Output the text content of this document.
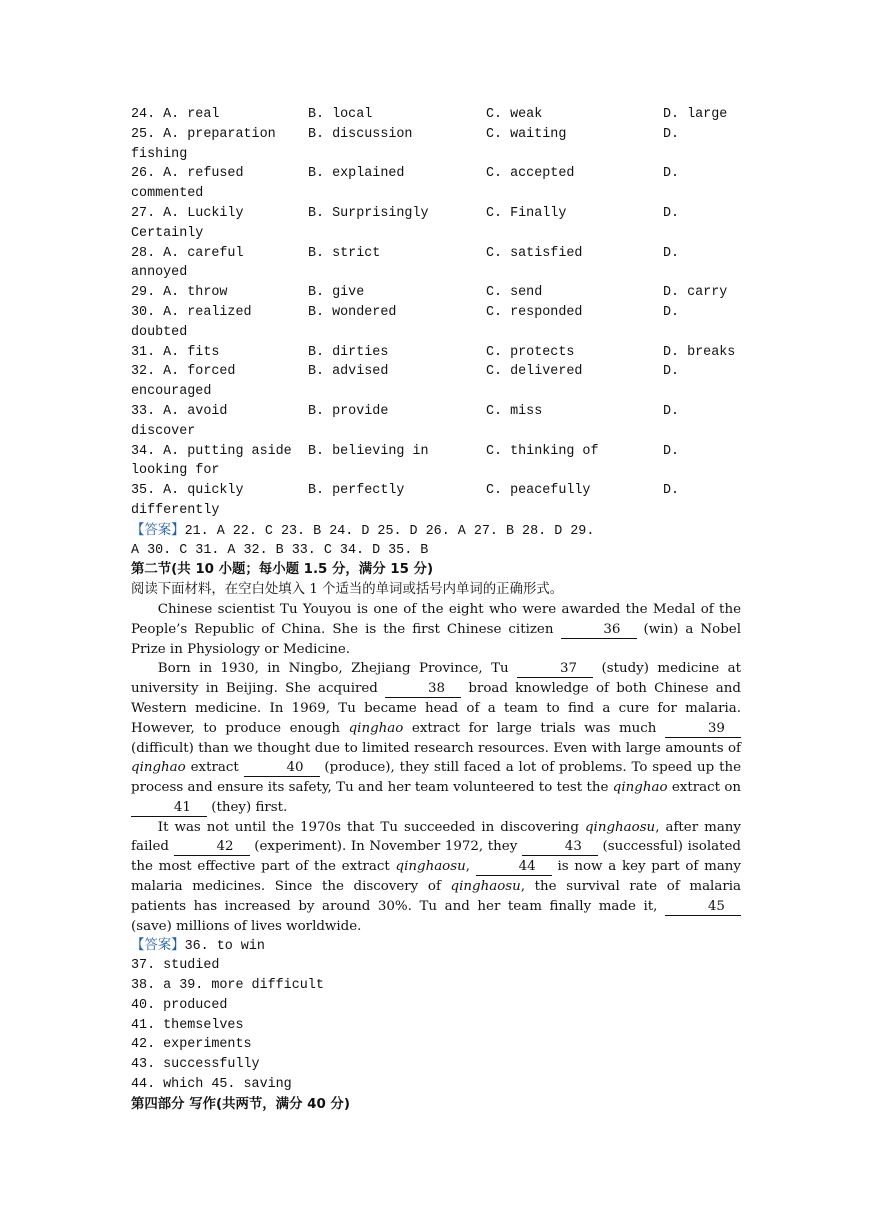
24. A. real	B. local	C. weak	D. large
25. A. preparation B. discussion	C. waiting	D.
fishing
26. A. refused	B. explained	C. accepted	D.
commented
27. A. Luckily	B. Surprisingly	C. Finally	D.
Certainly
28. A. careful	B. strict	C. satisfied	D.
annoyed
29. A. throw	B. give	C. send	D. carry
30. A. realized	B. wondered	C. responded	D.
doubted
31. A. fits	B. dirties	C. protects	D. breaks
32. A. forced	B. advised	C. delivered	D.
encouraged
33. A. avoid	B. provide	C. miss	D.
discover
34. A. putting aside B. believing in	C. thinking of	D.
looking for
35. A. quickly	B. perfectly	C. peacefully	D.
differently
【答案】21. A 22. C 23. B 24. D 25. D 26. A 27. B 28. D 29.
A 30. C 31. A 32. B 33. C 34. D 35. B
第二节(共 10 小题；每小题 1.5 分，满分 15 分)
阅读下面材料，在空白处填入 1 个适当的单词或括号内单词的正确形式。

Chinese scientist Tu Youyou is one of the eight who were awarded the Medal of the People’s Republic of China. She is the first Chinese citizen	36 (win) a Nobel Prize in Physiology or Medicine.

Born in 1930, in Ningbo, Zhejiang Province, Tu	37 (study) medicine at university in Beijing. She acquired	38 broad knowledge of both Chinese and Western medicine. In 1969, Tu became head of a team to find a cure for malaria. However, to produce enough qinghao extract for large trials was much	39 (difficult) than we thought due to limited research resources. Even with large amounts of qinghao extract	40 (produce), they still faced a lot of problems. To speed up the process and ensure its safety, Tu and her team volunteered to test the qinghao extract on 41 (they) first.

It was not until the 1970s that Tu succeeded in discovering qinghaosu, after many failed	42 (experiment). In November 1972, they	43 (successful) isolated the most effective part of the extract qinghaosu,	44 is now a key part of many malaria medicines. Since the discovery of qinghaosu, the survival rate of malaria patients has increased by around 30%. Tu and her team finally made it,	45 (save) millions of lives worldwide.

【答案】36. to win
37. studied
38. a 39. more difficult
40. produced
41. themselves
42. experiments
43. successfully
44. which 45. saving
第四部分 写作(共两节，满分 40 分)
